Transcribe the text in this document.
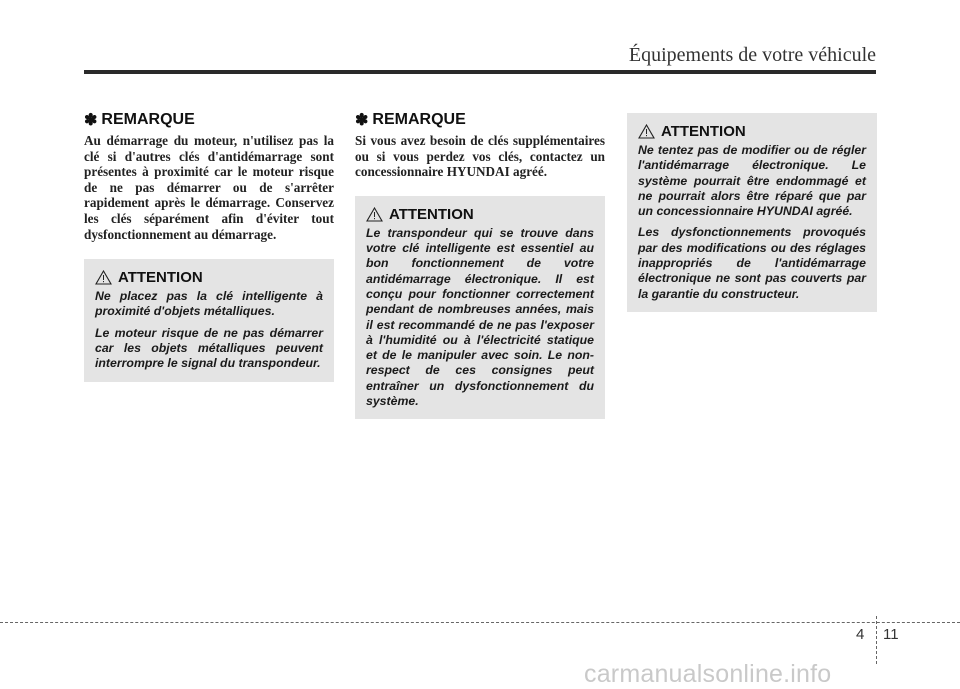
Équipements de votre véhicule
✽ REMARQUE

Au démarrage du moteur, n'utilisez pas la clé si d'autres clés d'antidémarrage sont présentes à proximité car le moteur risque de ne pas démarrer ou de s'arrêter rapidement après le démarrage. Conservez les clés séparément afin d'éviter tout dysfonctionnement au démarrage.

ATTENTION

Ne placez pas la clé intelligente à proximité d'objets métalliques.

Le moteur risque de ne pas démarrer car les objets métalliques peuvent interrompre le signal du transpondeur.

✽ REMARQUE

Si vous avez besoin de clés supplémentaires ou si vous perdez vos clés, contactez un concessionnaire HYUNDAI agréé.

ATTENTION

Le transpondeur qui se trouve dans votre clé intelligente est essentiel au bon fonctionnement de votre antidémarrage électronique. Il est conçu pour fonctionner correctement pendant de nombreuses années, mais il est recommandé de ne pas l'exposer à l'humidité ou à l'électricité statique et de le manipuler avec soin. Le non-respect de ces consignes peut entraîner un dysfonctionnement du système.

ATTENTION

Ne tentez pas de modifier ou de régler l'antidémarrage électronique. Le système pourrait être endommagé et ne pourrait alors être réparé que par un concessionnaire HYUNDAI agréé.

Les dysfonctionnements provoqués par des modifications ou des réglages inappropriés de l'antidémarrage électronique ne sont pas couverts par la garantie du constructeur.

4 11
carmanualsonline.info
